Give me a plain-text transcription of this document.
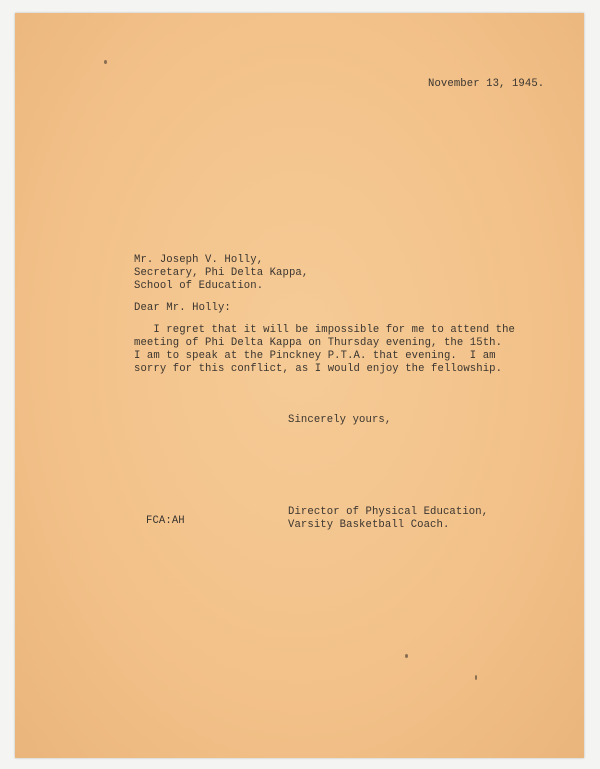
November 13, 1945.
Mr. Joseph V. Holly,
Secretary, Phi Delta Kappa,
School of Education.
Dear Mr. Holly:
I regret that it will be impossible for me to attend the
meeting of Phi Delta Kappa on Thursday evening, the 15th.
I am to speak at the Pinckney P.T.A. that evening.  I am
sorry for this conflict, as I would enjoy the fellowship.
Sincerely yours,
FCA:AH
Director of Physical Education,
Varsity Basketball Coach.
